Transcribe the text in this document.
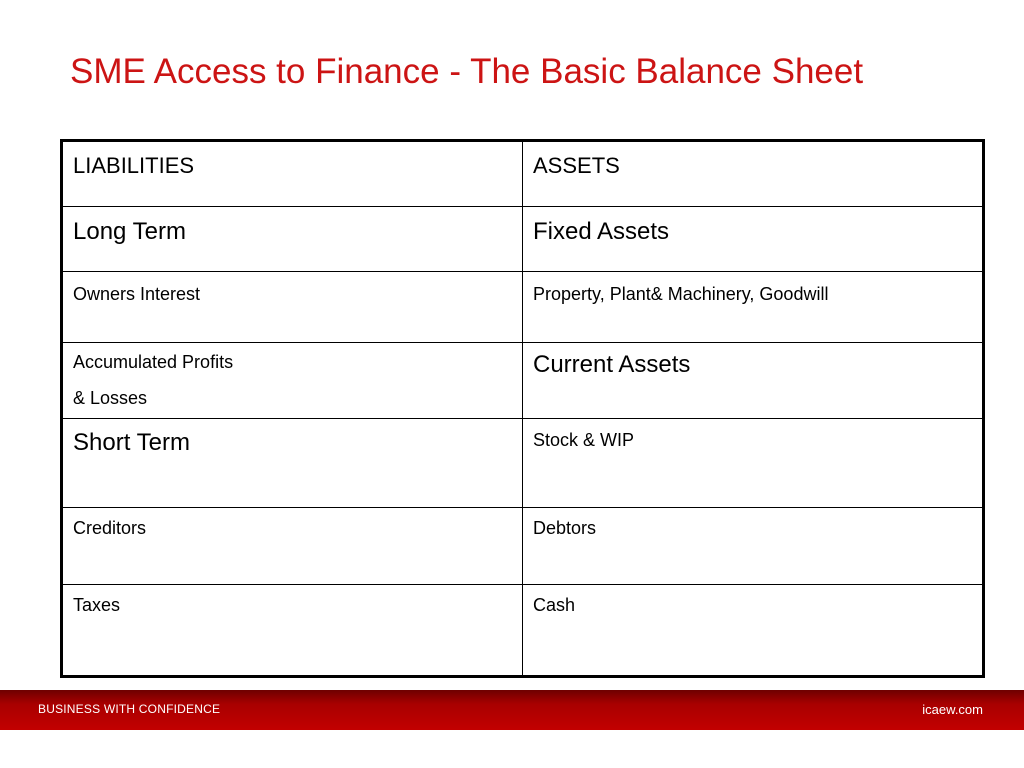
SME Access to Finance - The Basic Balance Sheet
LIABILITIES	ASSETS

Long Term	Fixed Assets

Owners Interest	Property, Plant& Machinery, Goodwill

Accumulated Profits
& Losses	Current Assets

Short Term	Stock & WIP

Creditors	Debtors

Taxes	Cash
BUSINESS WITH CONFIDENCE	icaew.com
